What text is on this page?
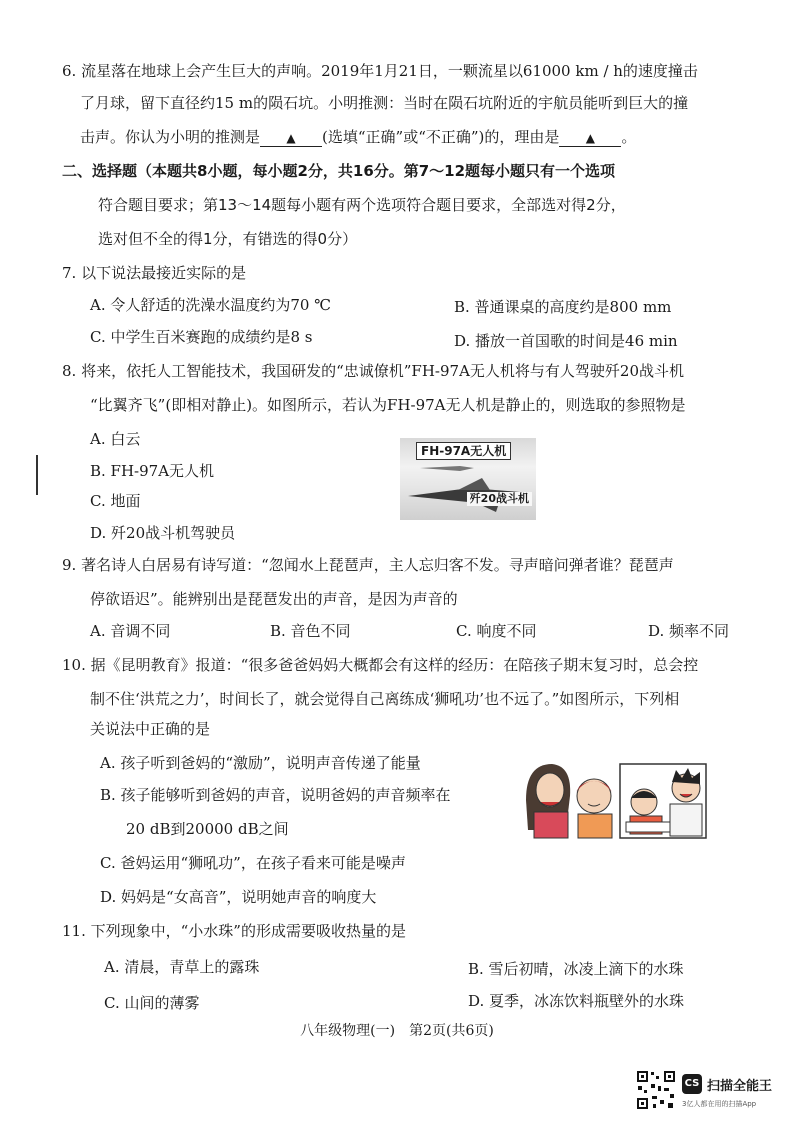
6. 流星落在地球上会产生巨大的声响。2019年1月21日，一颗流星以61000 km / h的速度撞击
了月球，留下直径约15 m的陨石坑。小明推测：当时在陨石坑附近的宇航员能听到巨大的撞
击声。你认为小明的推测是 ▲ (选填“正确”或“不正确”)的，理由是 ▲ 。
二、选择题（本题共8小题，每小题2分，共16分。第7～12题每小题只有一个选项
符合题目要求；第13～14题每小题有两个选项符合题目要求，全部选对得2分，
选对但不全的得1分，有错选的得0分）
7. 以下说法最接近实际的是
A. 令人舒适的洗澡水温度约为70 ℃	B. 普通课桌的高度约是800 mm
C. 中学生百米赛跑的成绩约是8 s	D. 播放一首国歌的时间是46 min
8. 将来，依托人工智能技术，我国研发的“忠诚僚机”FH-97A无人机将与有人驾驶歼20战斗机
“比翼齐飞”(即相对静止)。如图所示，若认为FH-97A无人机是静止的，则选取的参照物是
A. 白云
B. FH-97A无人机
C. 地面
D. 歼20战斗机驾驶员
FH-97A无人机
歼20战斗机
9. 著名诗人白居易有诗写道：“忽闻水上琵琶声，主人忘归客不发。寻声暗问弹者谁？琵琶声
停欲语迟”。能辨别出是琵琶发出的声音，是因为声音的
A. 音调不同	B. 音色不同	C. 响度不同	D. 频率不同
10. 据《昆明教育》报道：“很多爸爸妈妈大概都会有这样的经历：在陪孩子期末复习时，总会控
制不住‘洪荒之力’，时间长了，就会觉得自己离练成‘狮吼功’也不远了。”如图所示，下列相
关说法中正确的是
A. 孩子听到爸妈的“激励”，说明声音传递了能量
B. 孩子能够听到爸妈的声音，说明爸妈的声音频率在
20 dB到20000 dB之间
C. 爸妈运用“狮吼功”，在孩子看来可能是噪声
D. 妈妈是“女高音”，说明她声音的响度大
11. 下列现象中，“小水珠”的形成需要吸收热量的是
A. 清晨，青草上的露珠	B. 雪后初晴，冰凌上滴下的水珠
C. 山间的薄雾	D. 夏季，冰冻饮料瓶壁外的水珠
八年级物理(一)　第2页(共6页)
CS 扫描全能王
3亿人都在用的扫描App
